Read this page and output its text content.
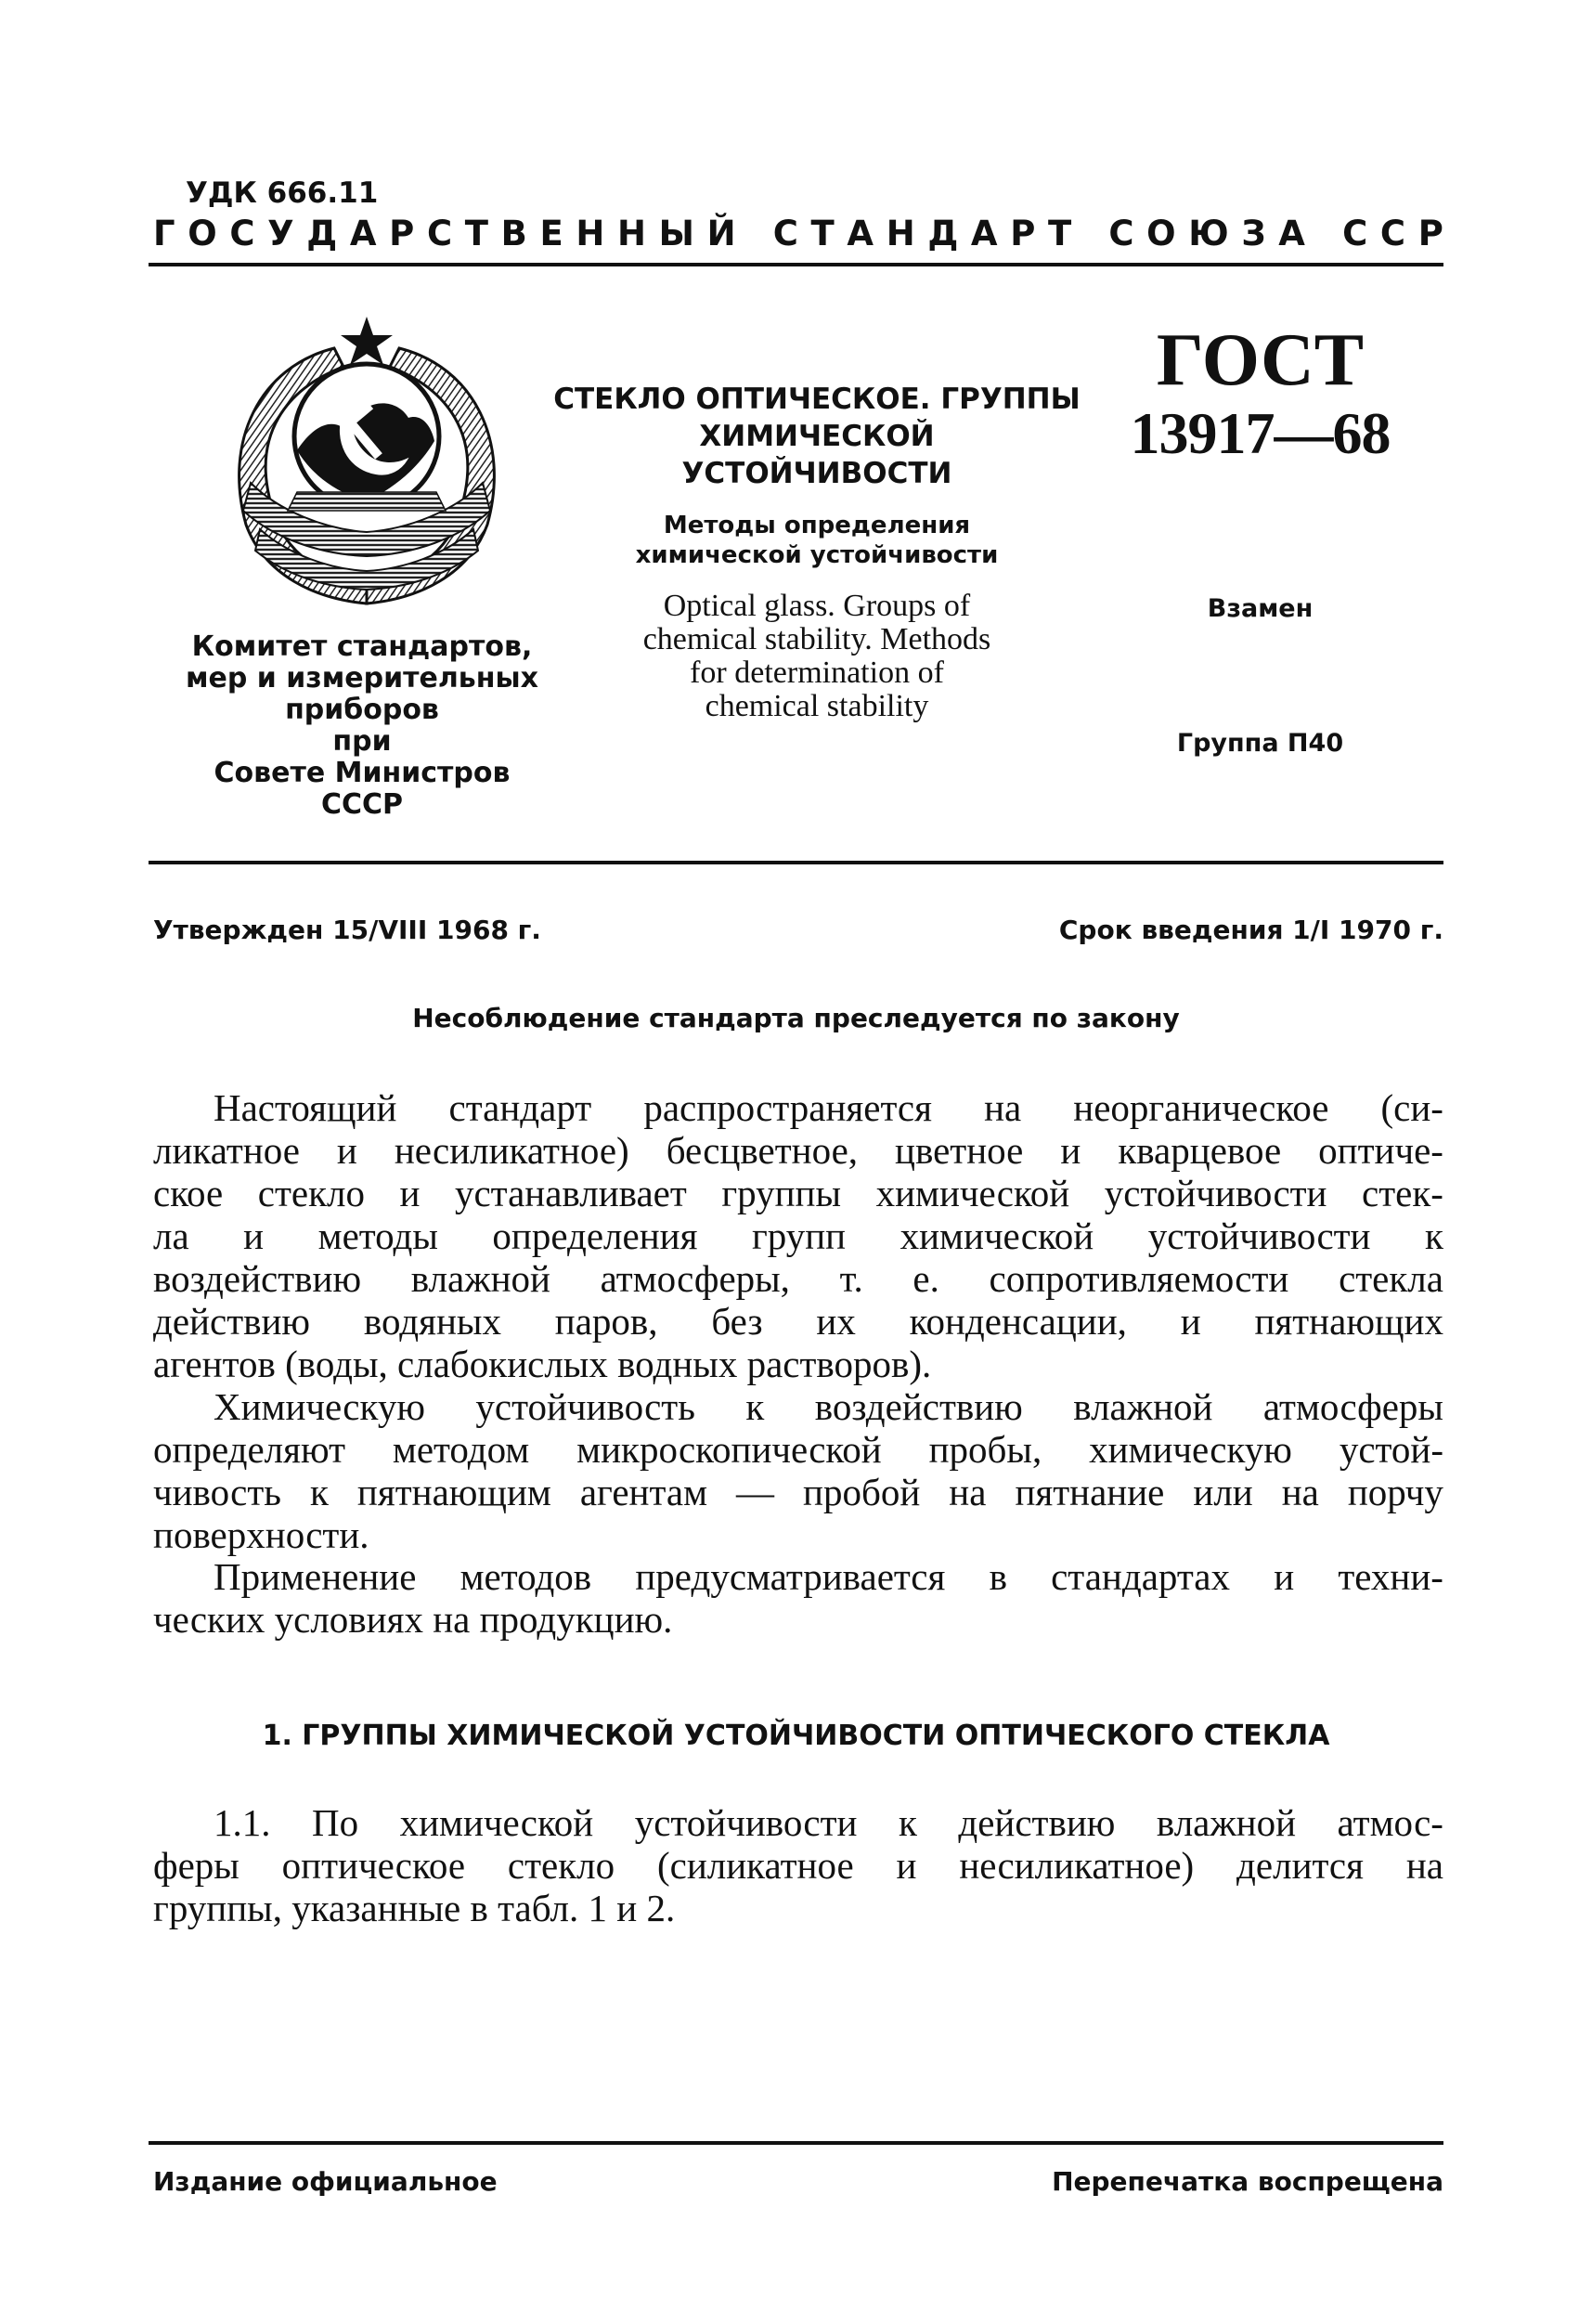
УДК 666.11
Г О С У Д А Р С Т В Е Н Н Ы Й
С Т А Н Д А Р Т
С О Ю З А
С С Р
Комитет стандартов,
мер и измерительных
приборов
при
Совете Министров
СССР
СТЕКЛО ОПТИЧЕСКОЕ. ГРУППЫ
ХИМИЧЕСКОЙ
УСТОЙЧИВОСТИ
Методы определения
химической устойчивости
Optical glass. Groups of
chemical stability. Methods
for determination of
chemical stability
ГОСТ
13917—68
Взамен
Группа П40
Утвержден 15/VIII 1968 г.	Срок введения 1/I 1970 г.
Несоблюдение стандарта преследуется по закону
Настоящий стандарт распространяется на неорганическое (си-
ликатное и несиликатное) бесцветное, цветное и кварцевое оптиче-
ское стекло и устанавливает группы химической устойчивости стек-
ла и методы определения групп химической устойчивости к
воздействию влажной атмосферы, т. е. сопротивляемости стекла
действию водяных паров, без их конденсации, и пятнающих
агентов (воды, слабокислых водных растворов).
Химическую устойчивость к воздействию влажной атмосферы
определяют методом микроскопической пробы, химическую устой-
чивость к пятнающим агентам — пробой на пятнание или на порчу
поверхности.
Применение методов предусматривается в стандартах и техни-
ческих условиях на продукцию.
1. ГРУППЫ ХИМИЧЕСКОЙ УСТОЙЧИВОСТИ ОПТИЧЕСКОГО СТЕКЛА
1.1. По химической устойчивости к действию влажной атмос-
феры оптическое стекло (силикатное и несиликатное) делится на
группы, указанные в табл. 1 и 2.
Издание официальное	Перепечатка воспрещена
